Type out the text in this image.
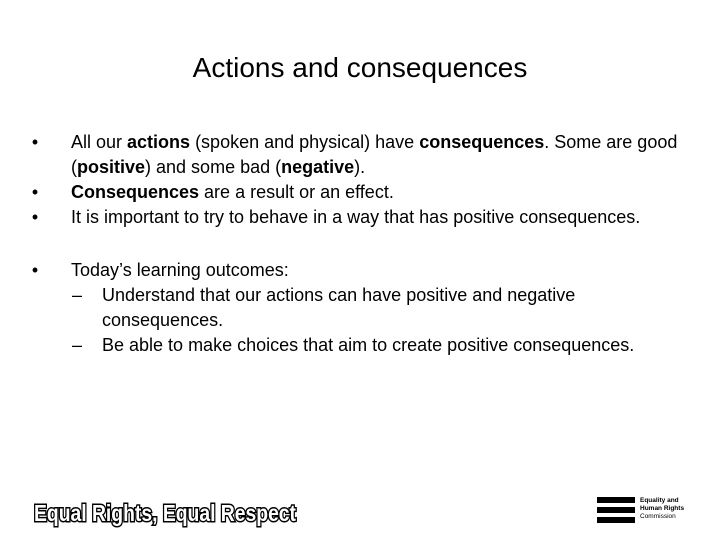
Actions and consequences
• All our actions (spoken and physical) have consequences. Some are good (positive) and some bad (negative).
• Consequences are a result or an effect.
• It is important to try to behave in a way that has positive consequences.
• Today’s learning outcomes:
– Understand that our actions can have positive and negative consequences.
– Be able to make choices that aim to create positive consequences.
Equal Rights, Equal Respect	Equality and
Human Rights
Commission
